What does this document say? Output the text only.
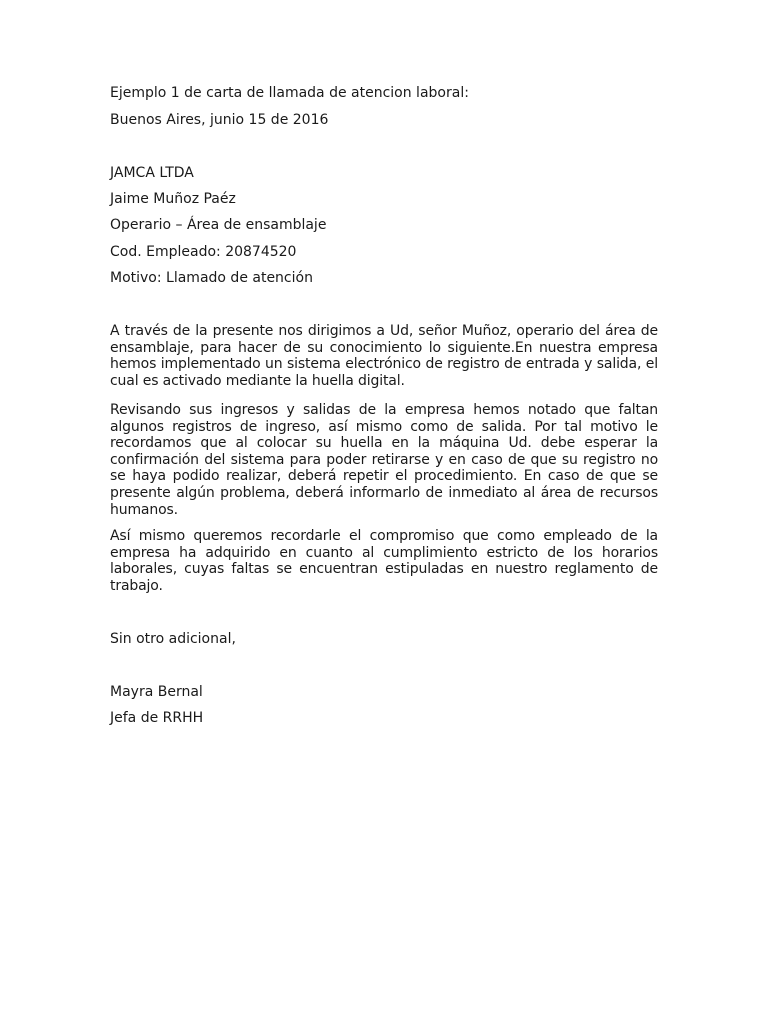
Ejemplo 1 de carta de llamada de atencion laboral:
Buenos Aires, junio 15 de 2016
JAMCA LTDA
Jaime Muñoz Paéz
Operario – Área de ensamblaje
Cod. Empleado: 20874520
Motivo: Llamado de atención

A través de la presente nos dirigimos a Ud, señor Muñoz, operario del área de ensamblaje, para hacer de su conocimiento lo siguiente.En nuestra empresa hemos implementado un sistema electrónico de registro de entrada y salida, el cual es activado mediante la huella digital.

Revisando sus ingresos y salidas de la empresa hemos notado que faltan algunos registros de ingreso, así mismo como de salida. Por tal motivo le recordamos que al colocar su huella en la máquina Ud. debe esperar la confirmación del sistema para poder retirarse y en caso de que su registro no se haya podido realizar, deberá repetir el procedimiento. En caso de que se presente algún problema, deberá informarlo de inmediato al área de recursos humanos.

Así mismo queremos recordarle el compromiso que como empleado de la empresa ha adquirido en cuanto al cumplimiento estricto de los horarios laborales, cuyas faltas se encuentran estipuladas en nuestro reglamento de trabajo.

Sin otro adicional,
Mayra Bernal
Jefa de RRHH
